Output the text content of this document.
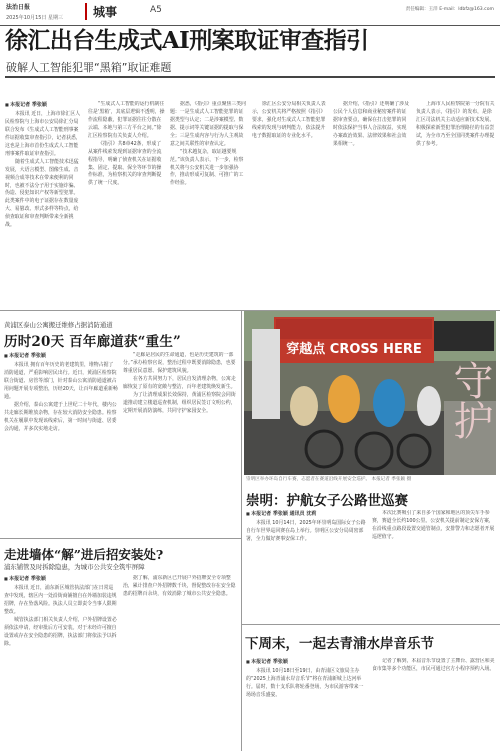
法治日报
2025年10月15日 星期三	城事	A5	责任编辑：王洋 E-mail：ldbfz@163.com
徐汇出台生成式AI刑案取证审查指引
破解人工智能犯罪“黑箱”取证难题
■ 本报记者 季张颖

本报讯 近日，上海市徐汇区人民检察院与上海市公安局徐汇分局联合发布《生成式人工智能刑事案件证据收集审查指引》，记者获悉，这也是上海市首份生成式人工智能刑事案件取证审查指引。

随着生成式人工智能技术迅猛发展，大语言模型、图像生成、音视频合成等技术在带来便利的同时，也被不法分子用于实施诈骗、伪造、侵犯知识产权等新型犯罪。此类案件中的电子证据存在数量庞大、易篡改、形式多样等特点，给侦查取证和审查判断带来全新挑战。

“生成式人工智能的运行机制往往是‘黑箱’，其底层逻辑不透明，操作流程隐蔽，犯罪证据往往分散在云端、本地与第三方平台之间。”徐汇区检察院有关负责人介绍。

《指引》共8章42条，形成了从案件线索发现到证据审查的全流程指导，明确了侦查机关在证据收集、固定、提取、保全等环节的操作标准，为检察机关的审查判断提供了统一尺度。

据悉，《指引》重点聚焦三类问题：一是生成式人工智能犯罪的证据类型与认定；二是涉案模型、数据、提示词等关键证据的提取与保全；三是生成内容与行为人主观故意之间关联性的审查认定。

“技术越复杂，取证越要规范。”该负责人表示，下一步，检察机关将与公安机关进一步加强协作，推动形成可复制、可推广的工作经验。

徐汇区公安分局相关负责人表示，公安机关将严格按照《指引》要求，强化对生成式人工智能犯罪线索的发现与研判能力，依法提升电子数据取证的专业化水平。

据介绍，《指引》还明确了涉及公民个人信息和商业秘密案件的证据审查要点，确保在打击犯罪的同时依法保护当事人合法权益，实现办案政治效果、法律效果和社会效果相统一。

上海市人民检察院第一分院有关负责人表示，《指引》的发布，是徐汇区司法机关主动适应新技术发展、积极探索新型犯罪治理路径的有益尝试，为全市乃至全国同类案件办理提供了参考。

黄浦区泰山公寓搬迁维修占据消防通道
历时20天 百年廊道获“重生”
■ 本报记者 季张颖

本报讯 拥有百年历史的老建筑里，堆物占据了消防通道，严重影响居民出行。近日，黄浦区检察院联合街道、房管等部门，针对泰山公寓消防通道被占用问题开展专项整治，历经20天，让百年廊道重新畅通。

据介绍，泰山公寓建于上世纪二十年代，楼内公共走廊长期堆放杂物，存在较大消防安全隐患。检察机关在履职中发现该线索后，第一时间与街道、居委会沟通，并多次实地走访。

“走廊是居民的生命通道，也是历史建筑的一部分。”承办检察官说，整治过程中既要消除隐患，也要尊重居民意愿、保护建筑风貌。

在各方共同努力下，居民自发清理杂物，公寓走廊恢复了原有的宽敞与整洁，百年老建筑焕发新生。

为了让清理成果长效保持，黄浦区检察院会同街道推动建立楼道巡查机制，组织居民签订文明公约，定期开展消防演练，共同守护家园安全。

穿越点 CROSS HERE
守护
崇明区举办环岛自行车赛，志愿者在赛道沿线开展安全巡护。 本报记者 季张颖 摄
崇明：护航女子公路世巡赛
■ 本报记者 季张颖 通讯员 沈莉

本报讯 10月14日，2025年环崇明岛国际女子公路自行车世界巡回赛在岛上举行。崇明区公安分局周密部署，全力做好赛事安保工作。

本次比赛吸引了来自多个国家和地区的顶尖车手参赛，赛道全长约100公里。公安机关提前制定安保方案，在沿线重点路段设置交通管制点，安排警力和志愿者开展巡逻值守。

走进墙体“解”进后招安装处?
浦东铺管及时拆除隐患，为城市公共安全筑牢屏障
■ 本报记者 季张颖

本报讯 近日，浦东新区城管执法部门在日常巡查中发现，辖区内一处沿街商铺擅自在外墙加装违规招牌，存在坠落风险。执法人员立即责令当事人限期整改。

城管执法部门相关负责人介绍，户外招牌设置必须依法申请，经审批后方可安装。对于未经许可擅自设置或存在安全隐患的招牌，执法部门将依法予以拆除。

据了解，浦东新区已开展户外招牌安全专项整治，累计排查户外招牌数千块，督促整改存在安全隐患的招牌百余块，有效消除了城市公共安全隐患。

下周末，一起去青浦水岸音乐节
■ 本报记者 季张颖

本报讯 10月18日至19日，由青浦区文旅局主办的“2025上海青浦水岸音乐节”将在青浦新城上达河举行。届时，数十支乐队将轮番登场，为市民游客带来一场场音乐盛宴。

记者了解到，本届音乐节设置了主舞台、露营区和美食市集等多个功能区，市民可通过官方小程序预约入场。
